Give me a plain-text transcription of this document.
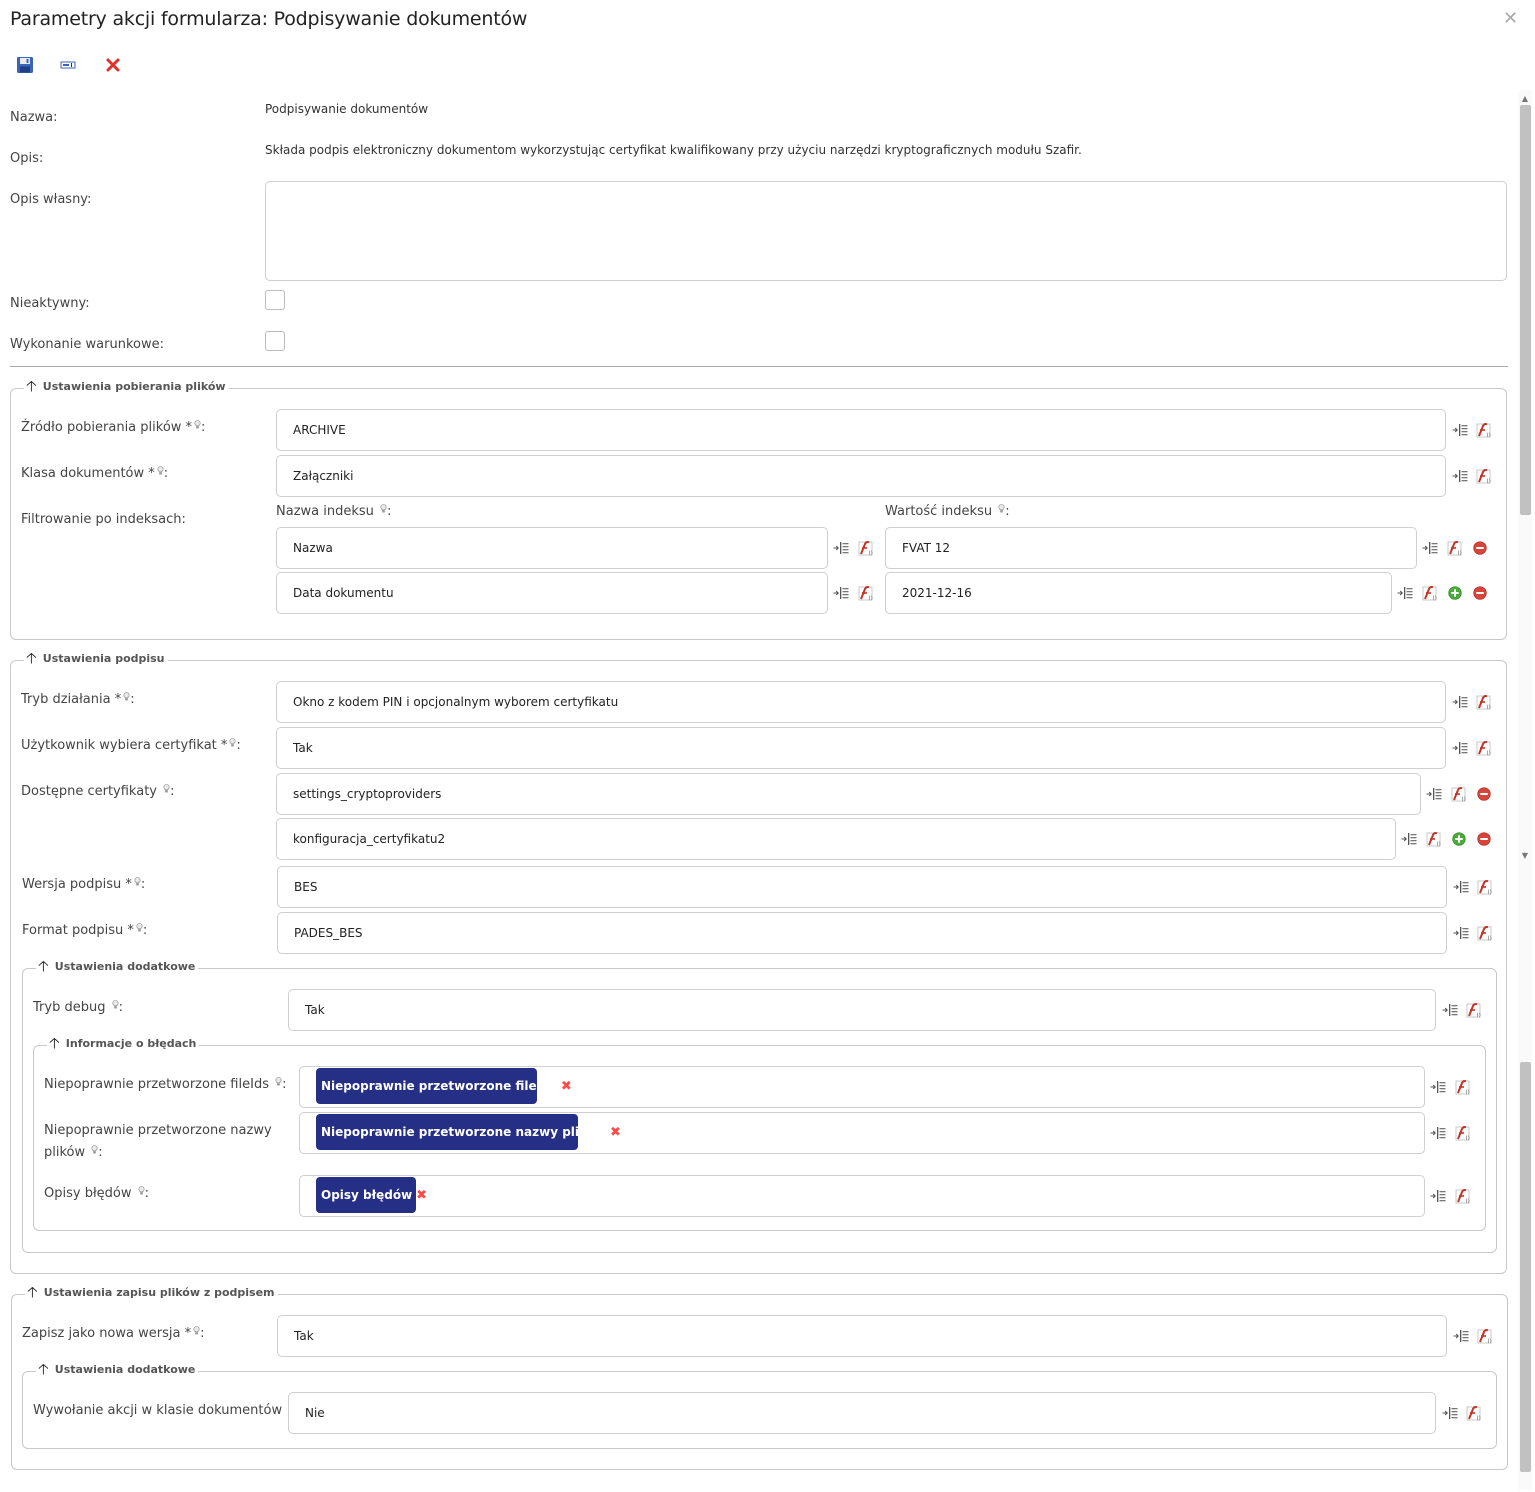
Parametry akcji formularza: Podpisywanie dokumentów	✕
Nazwa:
Podpisywanie dokumentów
Opis:
Składa podpis elektroniczny dokumentom wykorzystując certyfikat kwalifikowany przy użyciu narzędzi kryptograficznych modułu Szafir.
Opis własny:
Nieaktywny:
Wykonanie warunkowe:
🡡 Ustawienia pobierania plików
Źródło pobierania plików * :	ARCHIVE
Klasa dokumentów * :	Załączniki
Filtrowanie po indeksach:
Nazwa indeksu :	Wartość indeksu :
Nazwa	FVAT 12
Data dokumentu	2021-12-16
🡡 Ustawienia podpisu
Tryb działania * :	Okno z kodem PIN i opcjonalnym wyborem certyfikatu
Użytkownik wybiera certyfikat * :	Tak
Dostępne certyfikaty :	settings_cryptoproviders
konfiguracja_certyfikatu2
Wersja podpisu * :	BES
Format podpisu * :	PADES_BES
🡡 Ustawienia dodatkowe
Tryb debug :	Tak
🡡 Informacje o błędach
Niepoprawnie przetworzone fileIds :	Niepoprawnie przetworzone fileIds ✖
Niepoprawnie przetworzone nazwy
plików :
Niepoprawnie przetworzone nazwy plików ✖
Opisy błędów :	Opisy błędów ✖
🡡 Ustawienia zapisu plików z podpisem
Zapisz jako nowa wersja * :	Tak
🡡 Ustawienia dodatkowe
Wywołanie akcji w klasie dokumentów	Nie
▲
▼
